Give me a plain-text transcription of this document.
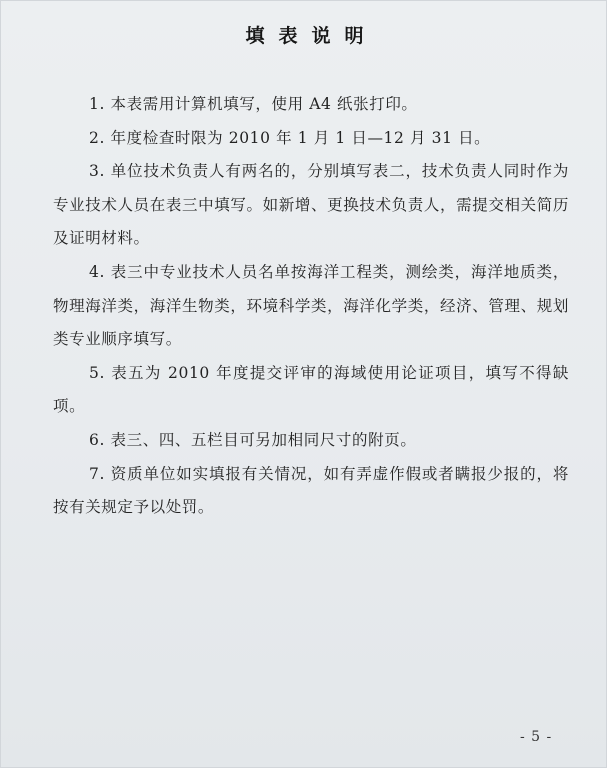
填表说明

1. 本表需用计算机填写，使用 A4 纸张打印。

2. 年度检查时限为 2010 年 1 月 1 日—12 月 31 日。

3. 单位技术负责人有两名的，分别填写表二，技术负责人同时作为专业技术人员在表三中填写。如新增、更换技术负责人，需提交相关简历及证明材料。

4. 表三中专业技术人员名单按海洋工程类，测绘类，海洋地质类，物理海洋类，海洋生物类，环境科学类，海洋化学类，经济、管理、规划类专业顺序填写。

5. 表五为 2010 年度提交评审的海域使用论证项目，填写不得缺项。

6. 表三、四、五栏目可另加相同尺寸的附页。

7. 资质单位如实填报有关情况，如有弄虚作假或者瞒报少报的，将按有关规定予以处罚。

- 5 -
